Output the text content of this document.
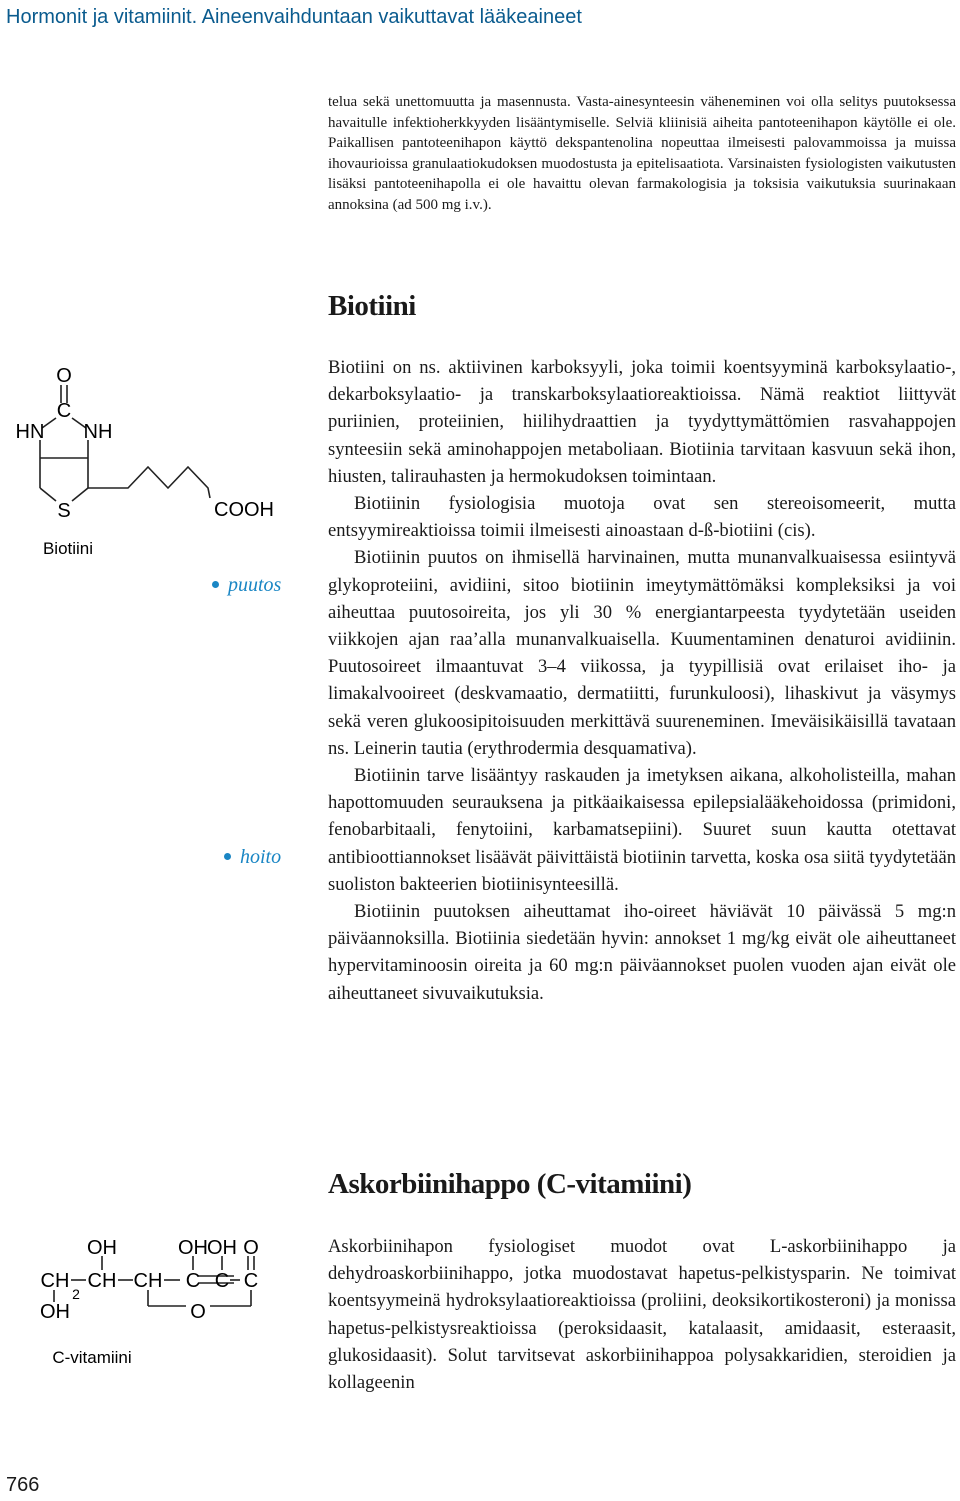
Hormonit ja vitamiinit. Aineenvaihduntaan vaikuttavat lääkeaineet

telua sekä unettomuutta ja masennusta. Vasta-ainesynteesin väheneminen voi olla selitys puutoksessa havaitulle infektioherkkyyden lisääntymiselle. Selviä kliinisiä aiheita pantoteenihapon käytölle ei ole. Paikallisen pantoteenihapon käyttö dekspantenolina nopeuttaa ilmeisesti palovammoissa ja muissa ihovaurioissa granulaatiokudoksen muodostusta ja epitelisaatiota. Varsinaisten fysiologisten vaikutusten lisäksi pantoteenihapolla ei ole havaittu olevan farmakologisia ja toksisia vaikutuksia suurinakaan annoksina (ad 500 mg i.v.).

Biotiini
O
C
HN NH
S	COOH
Biotiini
puutos
hoito

Biotiini on ns. aktiivinen karboksyyli, joka toimii koentsyyminä karboksylaatio-, dekarboksylaatio- ja transkarboksylaatioreaktioissa. Nämä reaktiot liittyvät puriinien, proteiinien, hiilihydraattien ja tyydyttymättömien rasvahappojen synteesiin sekä aminohappojen metaboliaan. Biotiinia tarvitaan kasvuun sekä ihon, hiusten, talirauhasten ja hermokudoksen toimintaan.

Biotiinin fysiologisia muotoja ovat sen stereoisomeerit, mutta entsyymireaktioissa toimii ilmeisesti ainoastaan d-ß-biotiini (cis).

Biotiinin puutos on ihmisellä harvinainen, mutta munanvalkuaisessa esiintyvä glykoproteiini, avidiini, sitoo biotiinin imeytymättömäksi kompleksiksi ja voi aiheuttaa puutosoireita, jos yli 30 % energiantarpeesta tyydytetään useiden viikkojen ajan raa’alla munanvalkuaisella. Kuumentaminen denaturoi avidiinin. Puutosoireet ilmaantuvat 3–4 viikossa, ja tyypillisiä ovat erilaiset iho- ja limakalvooireet (deskvamaatio, dermatiitti, furunkuloosi), lihaskivut ja väsymys sekä veren glukoosipitoisuuden merkittävä suureneminen. Imeväisikäisillä tavataan ns. Leinerin tautia (erythrodermia desquamativa).

Biotiinin tarve lisääntyy raskauden ja imetyksen aikana, alkoholisteilla, mahan hapottomuuden seurauksena ja pitkäaikaisessa epilepsialääkehoidossa (primidoni, fenobarbitaali, fenytoiini, karbamatsepiini). Suuret suun kautta otettavat antibioottiannokset lisäävät päivittäistä biotiinin tarvetta, koska osa siitä tyydytetään suoliston bakteerien biotiinisynteesillä.

Biotiinin puutoksen aiheuttamat iho-oireet häviävät 10 päivässä 5 mg:n päiväannoksilla. Biotiinia siedetään hyvin: annokset 1 mg/kg eivät ole aiheuttaneet hypervitaminoosin oireita ja 60 mg:n päiväannokset puolen vuoden ajan eivät ole aiheuttaneet sivuvaikutuksia.

Askorbiinihappo (C-vitamiini)
OH	OH OH O
CH CH
2
CH C C C
OH	O
C-vitamiini

Askorbiinihapon fysiologiset muodot ovat L-askorbiinihappo ja dehydroaskorbiinihappo, jotka muodostavat hapetus-pelkistysparin. Ne toimivat koentsyymeinä hydroksylaatioreaktioissa (proliini, deoksikortikosteroni) ja monissa hapetus-pelkistysreaktioissa (peroksidaasit, katalaasit, amidaasit, esteraasit, glukosidaasit). Solut tarvitsevat askorbiinihappoa polysakkaridien, steroidien ja kollageenin

766
